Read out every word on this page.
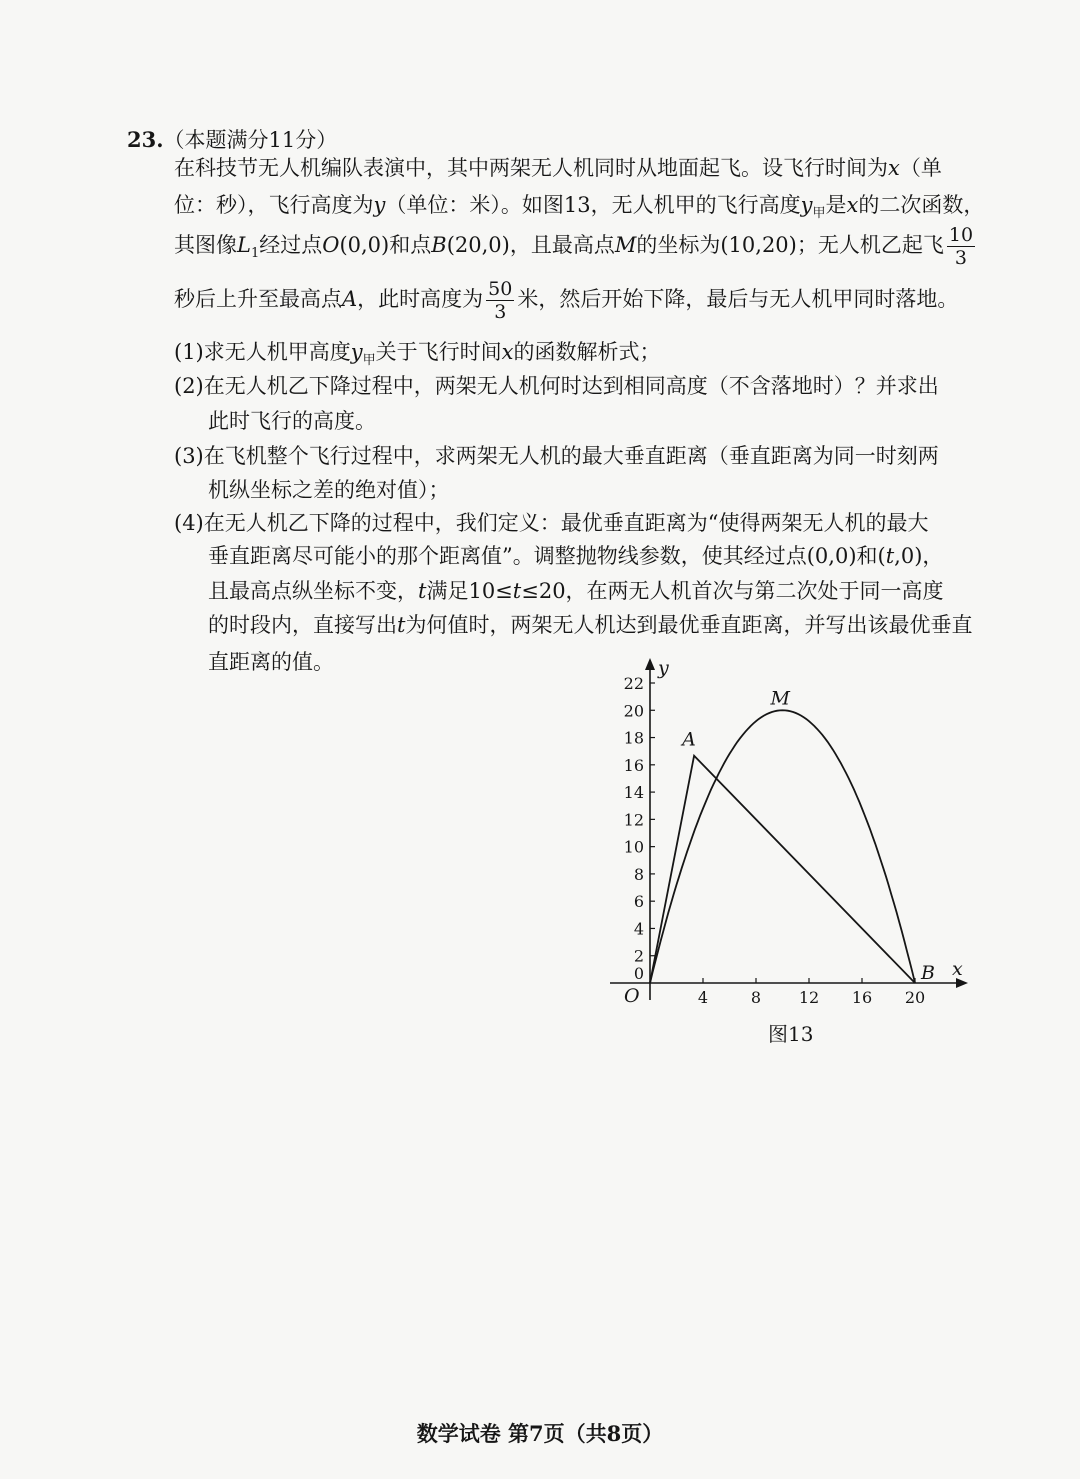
23.（本题满分11分）
在科技节无人机编队表演中，其中两架无人机同时从地面起飞。设飞行时间为x（单
位：秒），飞行高度为y（单位：米）。如图13，无人机甲的飞行高度$y_甲$是x的二次函数，
其图像$L_1$经过点O(0,0)和点B(20,0)，且最高点M的坐标为(10,20)；无人机乙起飞 $\frac{10}{3}$
秒后上升至最高点A，此时高度为 $\frac{50}{3}$ 米，然后开始下降，最后与无人机甲同时落地。
(1)求无人机甲高度$y_甲$关于飞行时间x的函数解析式；
(2)在无人机乙下降过程中，两架无人机何时达到相同高度（不含落地时）？并求出
此时飞行的高度。
(3)在飞机整个飞行过程中，求两架无人机的最大垂直距离（垂直距离为同一时刻两
机纵坐标之差的绝对值）；
(4)在无人机乙下降的过程中，我们定义：最优垂直距离为“使得两架无人机的最大
垂直距离尽可能小的那个距离值”。调整抛物线参数，使其经过点(0,0)和(t,0)，
且最高点纵坐标不变，t满足10≤t≤20，在两无人机首次与第二次处于同一高度
的时段内，直接写出t为何值时，两架无人机达到最优垂直距离，并写出该最优垂直
直距离的值。
x
y
O	4	8 12 16 20
0
2
4
6
8
10
12
14
16
18
20
22
A
M
B
图13
数学试卷 第7页（共8页）
